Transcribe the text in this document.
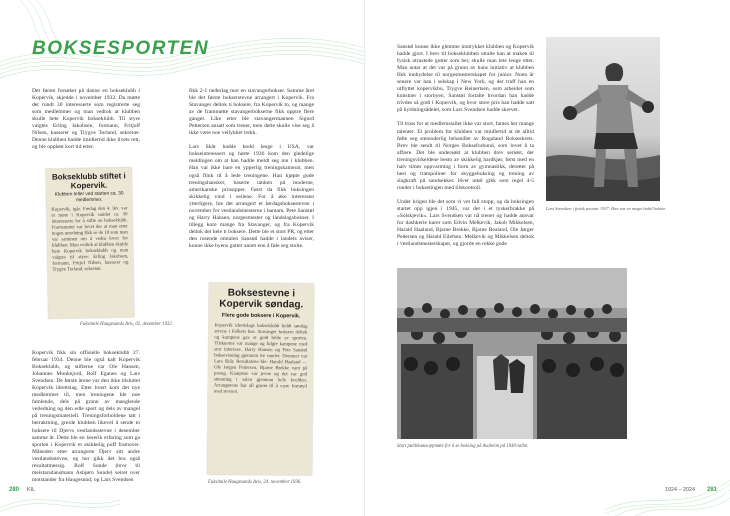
BOKSESPORTEN

Det første forsøket på danne en bokseklubb i Kopervik, skjedde i november 1932. Da møtte det rundt 30 interesserte som registrerte seg som medlemmer og man vedtok at klubben skulle hete Kopervik bokseklubb. Til styre valgtes Erling Jakobsen, formann, Fritjolf Nilsen, kasserer og Trygve Torland, sekretær. Denne klubben hadde imidlertid ikke livets rett, og ble oppløst kort tid etter.

Bokseklubb stiftet i Kopervik.
Klubben teller ved starten ca. 30 medlemmer.
Kopervik, igår. Fredag den 4. ikv. var et møte i Kopervik samlet ca. 30 interesserte for å stifte en bokseklubb. Framsmøtet var lovet der at man etter nogen utredning fikk se de 10 som man var sammen om å vedta lover for klubben. Man vedtok at klubben skulde hete Kopervik bokseklubb og man valgtes til styre: Erling Jakobsen, formann, Fritjof Nilsen, kasserer og Trygve Torland, sekretær.
Faksimile Haugesunds Avis, 02. desember 1932.

Kopervik fikk sin offisielle bokseklubb 27. februar 1934. Denne ble også kalt Kopervik Bokseklubb, og stifterne var Ole Hansen, Johannes Munkejord, Rolf Eganes og Lars Svendsen. De første årene var den ikke tilsluttet Kopervik idrettslag. Etter hvert kom det nye medlemmer til, men treningene ble noe famlende, dels på grunn av manglende veiledning og den edle sport og dels av mangel på treningsmateriell. Treningsforholdene tatt i betraktning, greide klubben likevel å sende to boksere til Djervs vestlandsstevne i desember samme år. Dette ble en lærerik erfaring som ga sporten i Kopervik et skikkelig puff framover. Måneden etter arrangerte Djerv sitt andre vestlandsstevne, og her gikk det bra også resultatmessig. Rolf Sunde (bror til meistarsdansmann Asbjørn Sunde) seiret over motstander fra Haugesund, og Lars Svendsen

fikk 2-1 nederlag mot en stavangerbokser. Samme året ble det første bokserstevne arrangert i Kopervik. Fra Stavanger deltok ti boksere, fra Kopervik to, og mange av de frammøtte stavangerbokserne fikk opptre flere ganger. Like etter ble stavangermannen Sigurd Pettersen ansatt som trener, men dette skulle vise seg å ikke være noe vellykket trekk.

Lars Skår hadde bodd lenge i USA, var bokseinteressert og hørte 1936 kom den gledelige meldingen om at han hadde meldt seg inn i klubben. Han var ikke bare en ypperlig treningskamerat, men også flink til å lede treningene. Han kjøpte gode treningshansker, baserte tanken på moderne, amerikanske prinsipper. Først da fikk boksingen skikkelig vind i seilene. For å øke interessen ytterligere, ble det arrangert et lørdagsboksestevne i november for vestlandsmesterne i bantam, Pete Sanstøl og Harry Hansen, norgesmester og landslagsbokser. I tillegg kom mange fra Stavanger, og fra Kopervik deltok det hele ti boksere. Dette ble et stort PR, og etter den rosende omtalen Sanstøl hadde i landets aviser, kunne ikke byens gutter annet enn å føle seg stolte.

Boksestevne i Kopervik søndag.
Flere gode boksere i Kopervik.
Kopervik idrettslags bokseklubb holdt søndag stevne i Folkets hus. Stavanger boksere deltok og kampene gav et godt bilde av sporten. Tilskuerne var mange og fulgte kampene med stor interesse. Harry Hansen og Pete Sanstøl boksevisning gjennom tre runder. Dommer var Lars Skår. Resultatene ble: Harald Haaland — Ole Jørgen Pedersen, Bjarne Brekke vant på poeng. Kampene var jevne og det var god stemning i salen gjennom hele kvelden. Arrangørene har all grunn til å være fornøyd med stevnet.
Faksimile Haugesunds Avis, 24. november 1936.
280 KIL

Sanstøl kunne ikke glemme inntrykket klubben og Kopervik hadde gjort. I brev til bokseklubben uttalte han at maken til fysisk utrustede gutter som her, skulle man lete lenge etter. Man antar at det var på grunn av hans initiativ at klubben fikk innbydelse til norgesmesterskapet for junior. Noen år senere var han i selskap i New York, og der traff han en utflyttet kopervikbu, Trygve Reinertsen, som arbeidet som kunstner i storbyen. Sanstøl fortalte hvordan han hadde trivdes så godt i Kopervik, og hvor store pris han hadde satt på hyldningsådelet, som Lars Svendsen hadde skrevet.

Til tross for at medlemstallet ikke var stort, fantes her mange talenter. Et problem for klubben var imidlertid at de alltid følte seg stemoderlig behandlet av Rogaland Bokseskrets. Brev ble sendt til Norges Bokseforbund, som lovet å ta affære. Det ble undersøkt at klubben drev seriøst, der treningsvirkeldene besto av skikkelig hardkjør, først med en halv times oppvarming i form av gymnastikk, deretter på hest og trampoliner for skyggeboksing og trening av slagkraft på sandsekker. Hver uttøl gikk som regel 4-5 runder i boksetingen med tilskontroll.

Under krigen ble det som vi vet full stopp, og da boksingen startet opp igjen i 1945, var det i et tyskerbrakke på «Solskjevik». Lars Svendsen var nå trener og hadde ansvar for dashkerie karer som Edvin Melkevik, Jakob Mikkelsen, Harald Haaland, Bjarne Brekke, Bjarne Bealand, Ole Jørger Pedersen og Harald Eilefsen. Melkevik og Mikkelsen deltok i vestlandsmesterskapet, og gjorde en rekke gode

Lars Svendsen i fysisk posetur 1937. Han var en meget habil bokser.
Stort publikumsoppmøte for å se boksing på Avaheim på 1940-tallet.
1924 – 2024 281
